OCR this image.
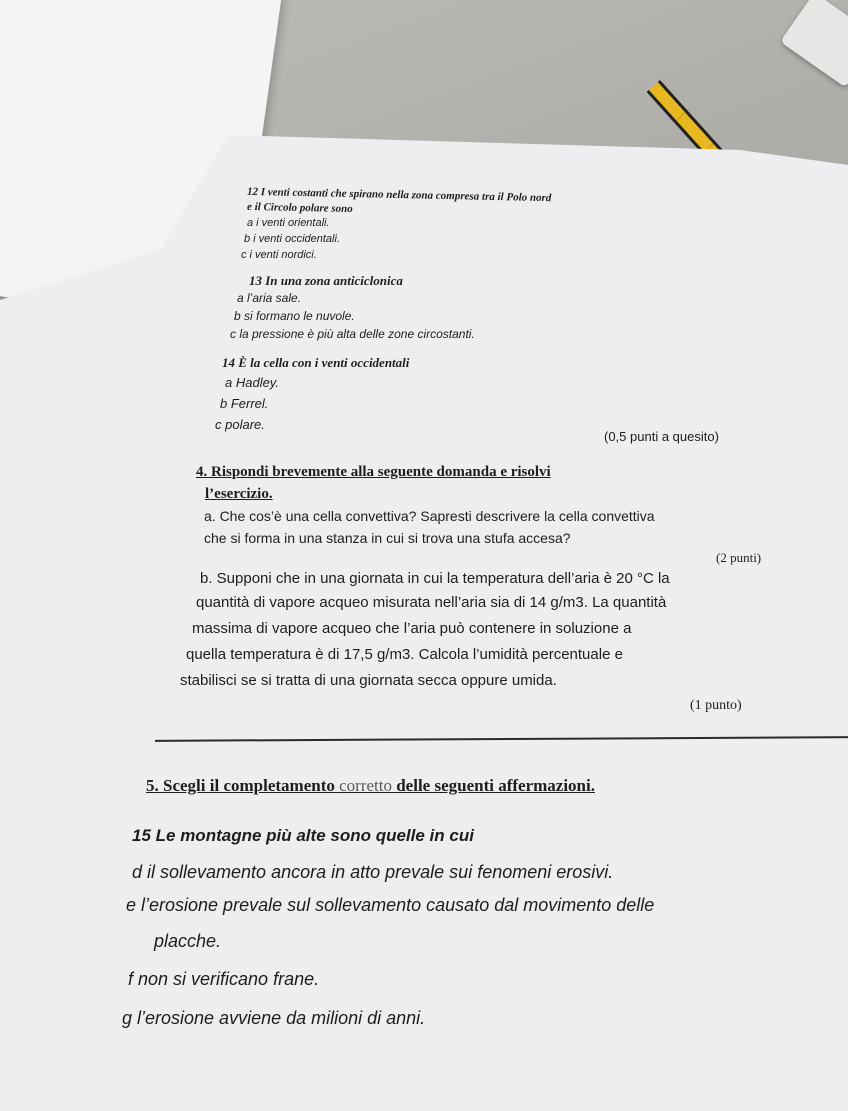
12 I venti costanti che spirano nella zona compresa tra il Polo nord

e il Circolo polare sono

a i venti orientali.

b i venti occidentali.

c i venti nordici.

13 In una zona anticiclonica

a l’aria sale.

b si formano le nuvole.

c la pressione è più alta delle zone circostanti.

14 È la cella con i venti occidentali

a Hadley.

b Ferrel.

c polare.

(0,5 punti a quesito)

4. Rispondi brevemente alla seguente domanda e risolvi

l’esercizio.

a. Che cos’è una cella convettiva? Sapresti descrivere la cella convettiva

che si forma in una stanza in cui si trova una stufa accesa?

(2 punti)

b. Supponi che in una giornata in cui la temperatura dell’aria è 20 °C la

quantità di vapore acqueo misurata nell’aria sia di 14 g/m3. La quantità

massima di vapore acqueo che l’aria può contenere in soluzione a

quella temperatura è di 17,5 g/m3. Calcola l’umidità percentuale e

stabilisci se si tratta di una giornata secca oppure umida.

(1 punto)

5. Scegli il completamento corretto delle seguenti affermazioni.

15 Le montagne più alte sono quelle in cui

d il sollevamento ancora in atto prevale sui fenomeni erosivi.

e l’erosione prevale sul sollevamento causato dal movimento delle

placche.

f non si verificano frane.

g l’erosione avviene da milioni di anni.
